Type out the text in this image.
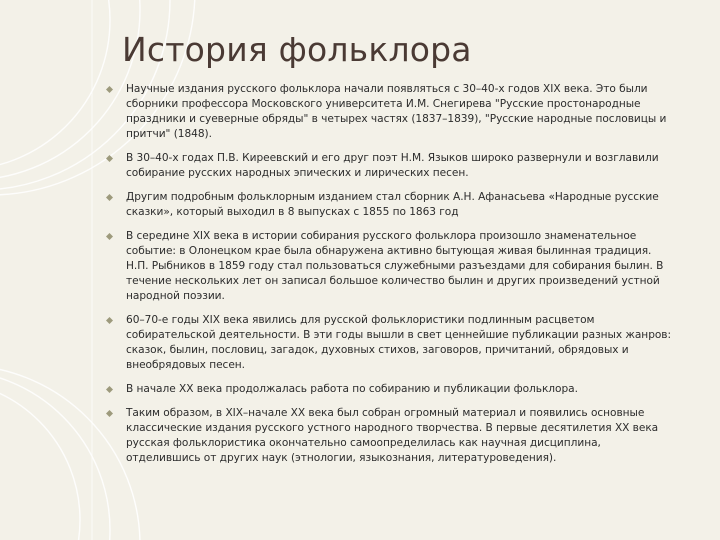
История фольклора
Научные издания русского фольклора начали появляться с 30–40-х годов XIX века. Это были сборники профессора Московского университета И.М. Снегирева "Русские простонародные праздники и суеверные обряды" в четырех частях (1837–1839), "Русские народные пословицы и притчи" (1848).
В 30–40-х годах П.В. Киреевский и его друг поэт Н.М. Языков широко развернули и возглавили собирание русских народных эпических и лирических песен.
Другим подробным фольклорным изданием стал сборник А.Н. Афанасьева «Народные русские сказки», который выходил в 8 выпусках с 1855 по 1863 год
В середине XIX века в истории собирания русского фольклора произошло знаменательное событие: в Олонецком крае была обнаружена активно бытующая живая былинная традиция. Н.П. Рыбников в 1859 году стал пользоваться служебными разъездами для собирания былин. В течение нескольких лет он записал большое количество былин и других произведений устной народной поэзии.
60–70-е годы XIX века явились для русской фольклористики подлинным расцветом собирательской деятельности. В эти годы вышли в свет ценнейшие публикации разных жанров: сказок, былин, пословиц, загадок, духовных стихов, заговоров, причитаний, обрядовых и внеобрядовых песен.
В начале XX века продолжалась работа по собиранию и публикации фольклора.
Таким образом, в XIX–начале XX века был собран огромный материал и появились основные классические издания русского устного народного творчества. В первые десятилетия XX века русская фольклористика окончательно самоопределилась как научная дисциплина, отделившись от других наук (этнологии, языкознания, литературоведения).
